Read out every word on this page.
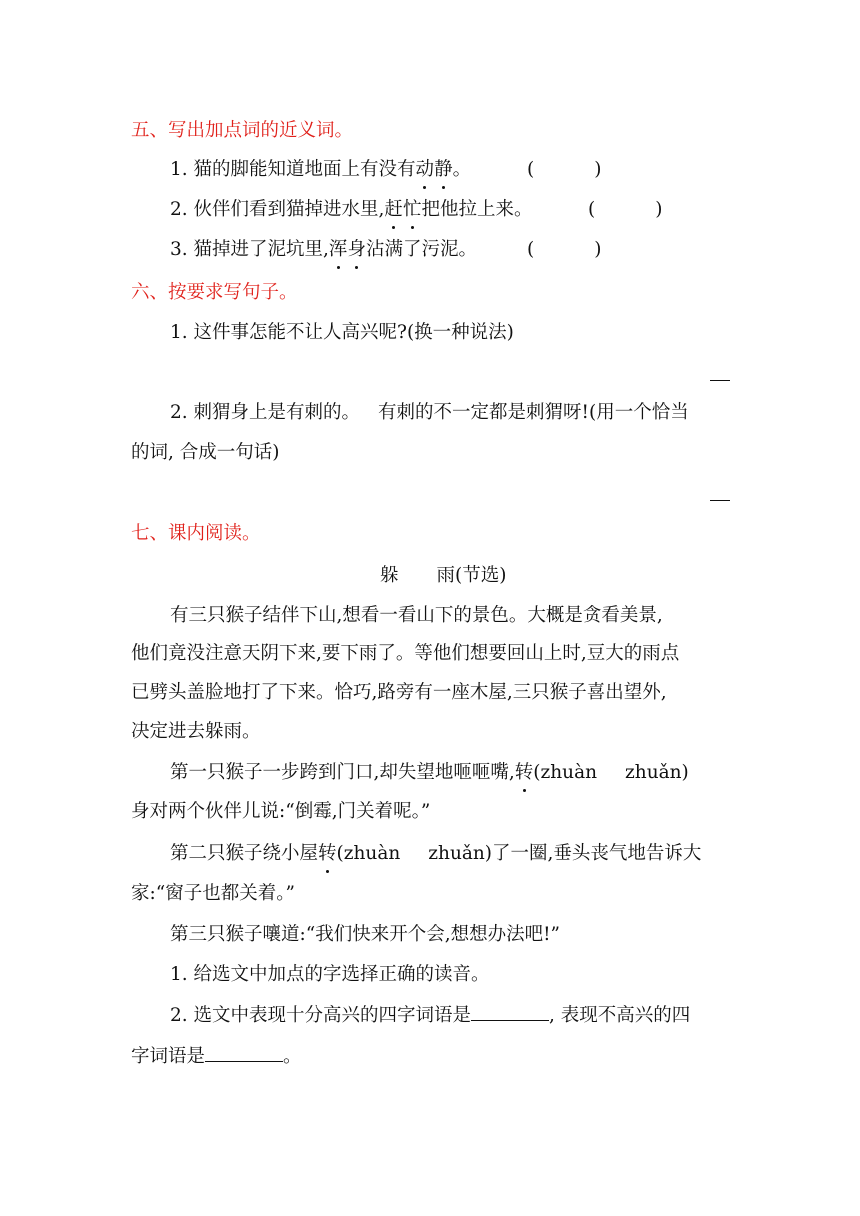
五、写出加点词的近义词。
1. 猫的脚能知道地面上有没有动静。	(	)
2. 伙伴们看到猫掉进水里,赶忙把他拉上来。	(	)
3. 猫掉进了泥坑里,浑身沾满了污泥。	(	)
六、按要求写句子。
1. 这件事怎能不让人高兴呢?(换一种说法)
2. 刺猬身上是有刺的。 有刺的不一定都是刺猬呀!(用一个恰当
的词, 合成一句话)
七、课内阅读。
躲 雨(节选)
有三只猴子结伴下山,想看一看山下的景色。大概是贪看美景,
他们竟没注意天阴下来,要下雨了。等他们想要回山上时,豆大的雨点
已劈头盖脸地打了下来。恰巧,路旁有一座木屋,三只猴子喜出望外,
决定进去躲雨。
第一只猴子一步跨到门口,却失望地咂咂嘴,转(zhuàn zhuǎn)
身对两个伙伴儿说:“倒霉,门关着呢。”
第二只猴子绕小屋转(zhuàn zhuǎn)了一圈,垂头丧气地告诉大
家:“窗子也都关着。”
第三只猴子嚷道:“我们快来开个会,想想办法吧!”
1. 给选文中加点的字选择正确的读音。
2. 选文中表现十分高兴的四字词语是	, 表现不高兴的四
字词语是	。
